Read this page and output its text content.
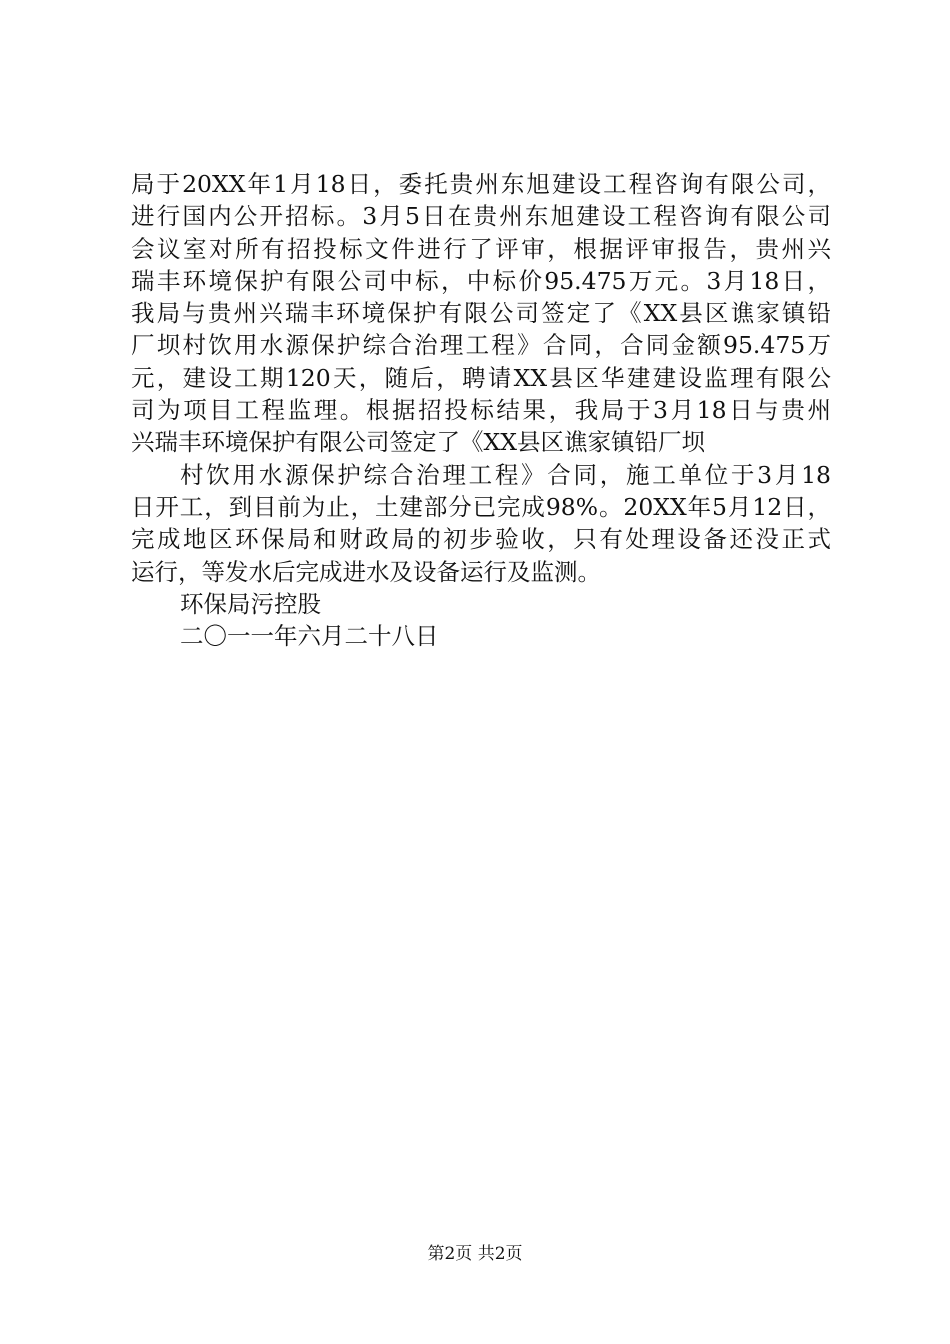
局于20XX年1月18日，委托贵州东旭建设工程咨询有限公司，
进行国内公开招标。3月5日在贵州东旭建设工程咨询有限公司
会议室对所有招投标文件进行了评审，根据评审报告，贵州兴
瑞丰环境保护有限公司中标，中标价95.475万元。3月18日，
我局与贵州兴瑞丰环境保护有限公司签定了《XX县区谯家镇铅
厂坝村饮用水源保护综合治理工程》合同，合同金额95.475万
元，建设工期120天，随后，聘请XX县区华建建设监理有限公
司为项目工程监理。根据招投标结果，我局于3月18日与贵州
兴瑞丰环境保护有限公司签定了《XX县区谯家镇铅厂坝
村饮用水源保护综合治理工程》合同，施工单位于3月18
日开工，到目前为止，土建部分已完成98%。20XX年5月12日，
完成地区环保局和财政局的初步验收，只有处理设备还没正式
运行，等发水后完成进水及设备运行及监测。
环保局污控股
二〇一一年六月二十八日
第2页 共2页
